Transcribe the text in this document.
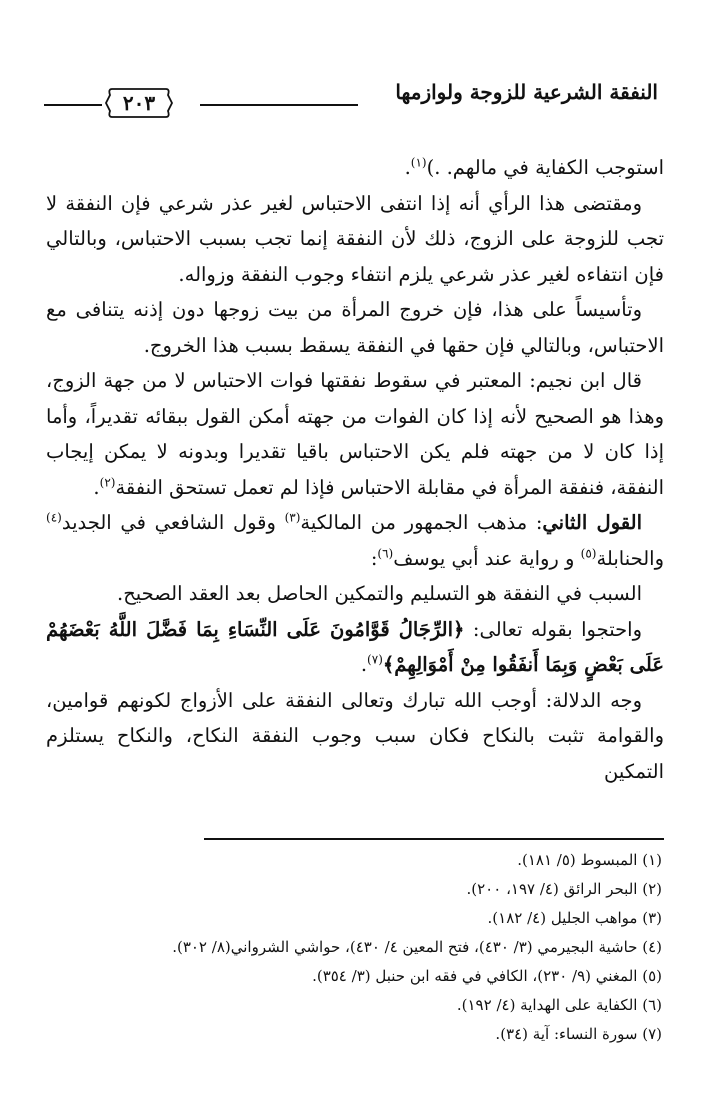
النفقة الشرعية للزوجة ولوازمها
٢٠٣

استوجب الكفاية في مالهم. .)$^{(١)}$.

ومقتضى هذا الرأي أنه إذا انتفى الاحتباس لغير عذر شرعي فإن النفقة لا تجب للزوجة على الزوج، ذلك لأن النفقة إنما تجب بسبب الاحتباس، وبالتالي فإن انتفاءه لغير عذر شرعي يلزم انتفاء وجوب النفقة وزواله.

وتأسيساً على هذا، فإن خروج المرأة من بيت زوجها دون إذنه يتنافى مع الاحتباس، وبالتالي فإن حقها في النفقة يسقط بسبب هذا الخروج.

قال ابن نجيم: المعتبر في سقوط نفقتها فوات الاحتباس لا من جهة الزوج، وهذا هو الصحيح لأنه إذا كان الفوات من جهته أمكن القول ببقائه تقديراً، وأما إذا كان لا من جهته فلم يكن الاحتباس باقيا تقديرا وبدونه لا يمكن إيجاب النفقة، فنفقة المرأة في مقابلة الاحتباس فإذا لم تعمل تستحق النفقة$^{(٢)}$.

القول الثاني: مذهب الجمهور من المالكية$^{(٣)}$ وقول الشافعي في الجديد$^{(٤)}$ والحنابلة$^{(٥)}$ و رواية عند أبي يوسف$^{(٦)}$:

السبب في النفقة هو التسليم والتمكين الحاصل بعد العقد الصحيح.

واحتجوا بقوله تعالى: ﴿الرِّجَالُ قَوَّامُونَ عَلَى النِّسَاءِ بِمَا فَضَّلَ اللَّهُ بَعْضَهُمْ عَلَى بَعْضٍ وَبِمَا أَنفَقُوا مِنْ أَمْوَالِهِمْ﴾$^{(٧)}$.

وجه الدلالة: أوجب الله تبارك وتعالى النفقة على الأزواج لكونهم قوامين، والقوامة تثبت بالنكاح فكان سبب وجوب النفقة النكاح، والنكاح يستلزم التمكين

(١) المبسوط (٥/ ١٨١).
(٢) البحر الرائق (٤/ ١٩٧، ٢٠٠).
(٣) مواهب الجليل (٤/ ١٨٢).
(٤) حاشية البجيرمي (٣/ ٤٣٠)، فتح المعين ٤/ ٤٣٠)، حواشي الشرواني(٨/ ٣٠٢).
(٥) المغني (٩/ ٢٣٠)، الكافي في فقه ابن حنبل (٣/ ٣٥٤).
(٦) الكفاية على الهداية (٤/ ١٩٢).
(٧) سورة النساء: آية (٣٤).
